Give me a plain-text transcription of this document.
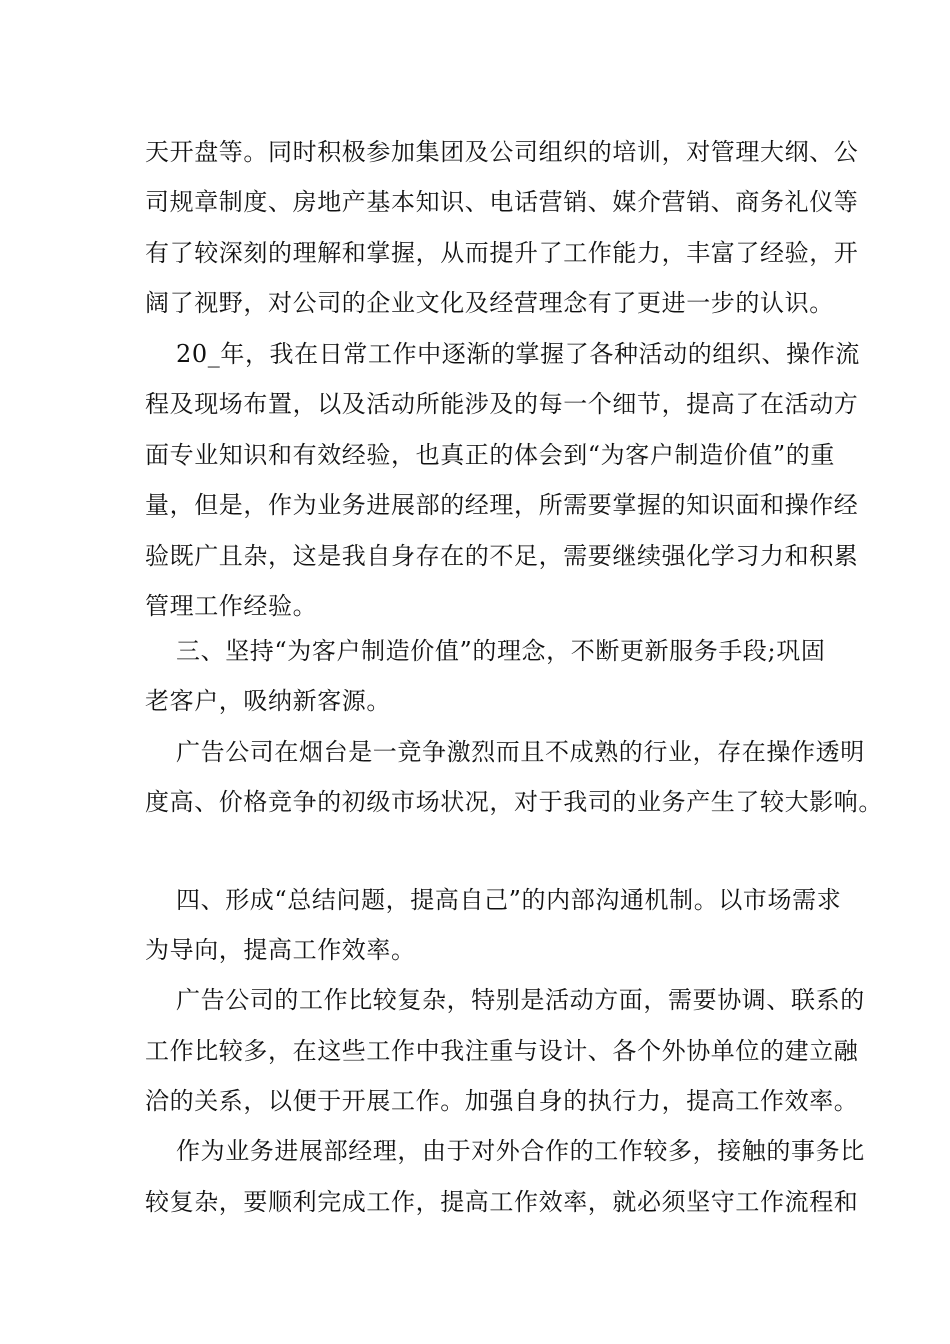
天开盘等。同时积极参加集团及公司组织的培训，对管理大纲、公
司规章制度、房地产基本知识、电话营销、媒介营销、商务礼仪等
有了较深刻的理解和掌握，从而提升了工作能力，丰富了经验，开
阔了视野，对公司的企业文化及经营理念有了更进一步的认识。
20_年，我在日常工作中逐渐的掌握了各种活动的组织、操作流
程及现场布置，以及活动所能涉及的每一个细节，提高了在活动方
面专业知识和有效经验，也真正的体会到“为客户制造价值”的重
量，但是，作为业务进展部的经理，所需要掌握的知识面和操作经
验既广且杂，这是我自身存在的不足，需要继续强化学习力和积累
管理工作经验。
三、坚持“为客户制造价值”的理念，不断更新服务手段;巩固
老客户，吸纳新客源。
广告公司在烟台是一竞争激烈而且不成熟的行业，存在操作透明
度高、价格竞争的初级市场状况，对于我司的业务产生了较大影响。
四、形成“总结问题，提高自己”的内部沟通机制。以市场需求
为导向，提高工作效率。
广告公司的工作比较复杂，特别是活动方面，需要协调、联系的
工作比较多，在这些工作中我注重与设计、各个外协单位的建立融
洽的关系，以便于开展工作。加强自身的执行力，提高工作效率。
作为业务进展部经理，由于对外合作的工作较多，接触的事务比
较复杂，要顺利完成工作，提高工作效率，就必须坚守工作流程和
